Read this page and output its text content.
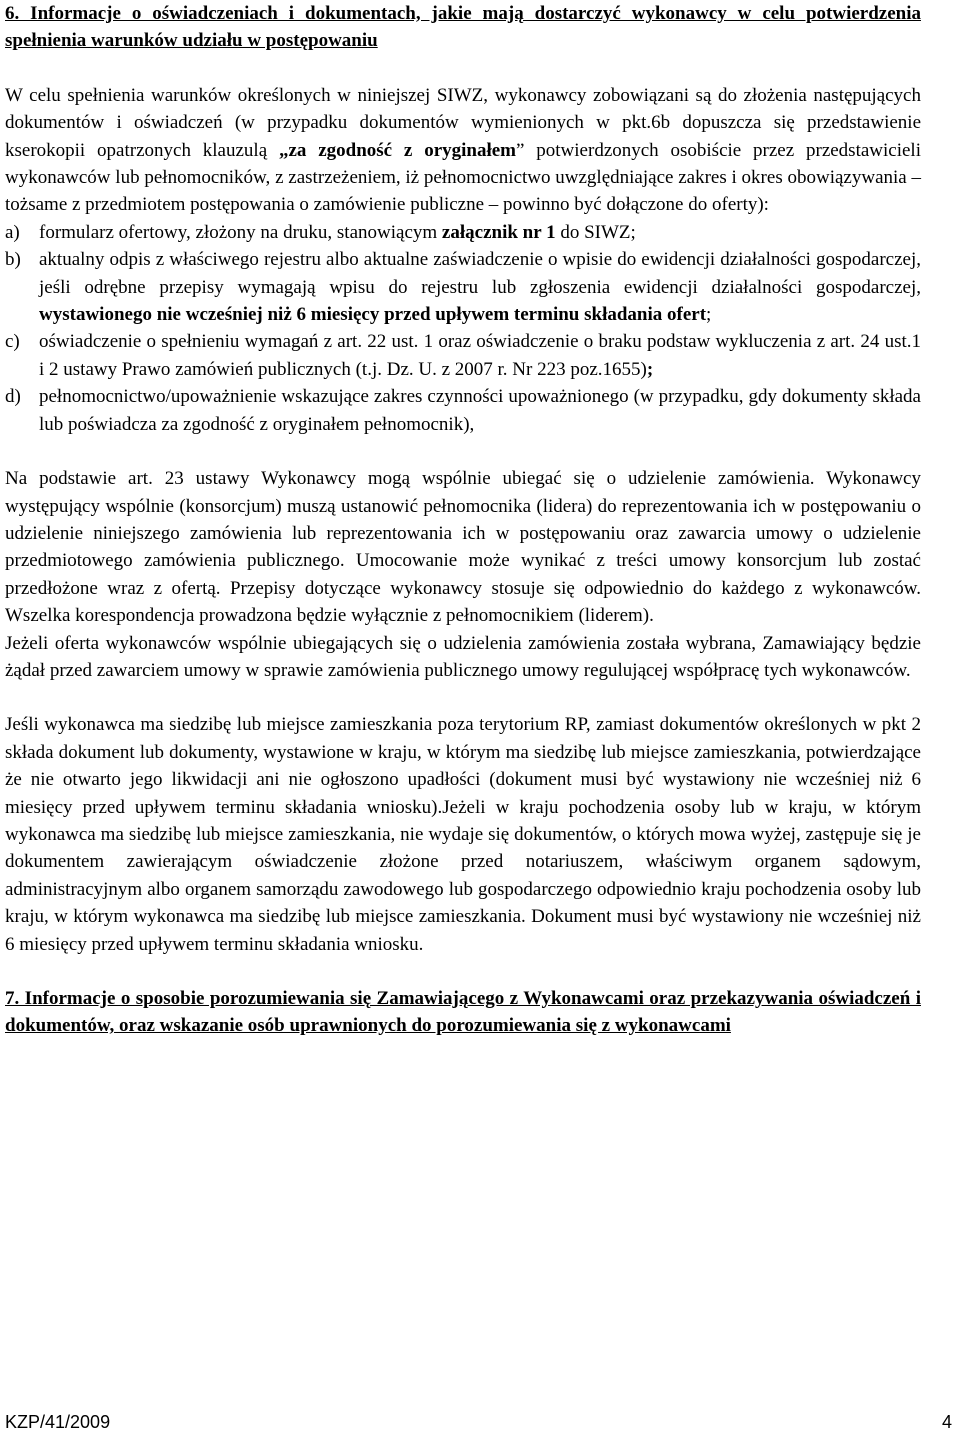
6. Informacje o oświadczeniach i dokumentach, jakie mają dostarczyć wykonawcy w celu potwierdzenia spełnienia warunków udziału w postępowaniu

W celu spełnienia warunków określonych w niniejszej SIWZ, wykonawcy zobowiązani są do złożenia następujących dokumentów i oświadczeń (w przypadku dokumentów wymienionych w pkt.6b dopuszcza się przedstawienie kserokopii opatrzonych klauzulą „za zgodność z oryginałem” potwierdzonych osobiście przez przedstawicieli wykonawców lub pełnomocników, z zastrzeżeniem, iż pełnomocnictwo uwzględniające zakres i okres obowiązywania – tożsame z przedmiotem postępowania o zamówienie publiczne – powinno być dołączone do oferty):

a)	formularz ofertowy, złożony na druku, stanowiącym załącznik nr 1 do SIWZ;
b) aktualny odpis z właściwego rejestru albo aktualne zaświadczenie o wpisie do ewidencji działalności gospodarczej, jeśli odrębne przepisy wymagają wpisu do rejestru lub zgłoszenia ewidencji działalności gospodarczej, wystawionego nie wcześniej niż 6 miesięcy przed upływem terminu składania ofert;
c)	oświadczenie o spełnieniu wymagań z art. 22 ust. 1 oraz oświadczenie o braku podstaw wykluczenia z art. 24 ust.1 i 2 ustawy Prawo zamówień publicznych (t.j. Dz. U. z 2007 r. Nr 223 poz.1655);
d) pełnomocnictwo/upoważnienie wskazujące zakres czynności upoważnionego (w przypadku, gdy dokumenty składa lub poświadcza za zgodność z oryginałem pełnomocnik),

Na podstawie art. 23 ustawy Wykonawcy mogą wspólnie ubiegać się o udzielenie zamówienia. Wykonawcy występujący wspólnie (konsorcjum) muszą ustanowić pełnomocnika (lidera) do reprezentowania ich w postępowaniu o udzielenie niniejszego zamówienia lub reprezentowania ich w postępowaniu oraz zawarcia umowy o udzielenie przedmiotowego zamówienia publicznego. Umocowanie może wynikać z treści umowy konsorcjum lub zostać przedłożone wraz z ofertą. Przepisy dotyczące wykonawcy stosuje się odpowiednio do każdego z wykonawców. Wszelka korespondencja prowadzona będzie wyłącznie z pełnomocnikiem (liderem).

Jeżeli oferta wykonawców wspólnie ubiegających się o udzielenia zamówienia została wybrana, Zamawiający będzie żądał przed zawarciem umowy w sprawie zamówienia publicznego umowy regulującej współpracę tych wykonawców.

Jeśli wykonawca ma siedzibę lub miejsce zamieszkania poza terytorium RP, zamiast dokumentów określonych w pkt 2 składa dokument lub dokumenty, wystawione w kraju, w którym ma siedzibę lub miejsce zamieszkania, potwierdzające że nie otwarto jego likwidacji ani nie ogłoszono upadłości (dokument musi być wystawiony nie wcześniej niż 6 miesięcy przed upływem terminu składania wniosku).Jeżeli w kraju pochodzenia osoby lub w kraju, w którym wykonawca ma siedzibę lub miejsce zamieszkania, nie wydaje się dokumentów, o których mowa wyżej, zastępuje się je dokumentem zawierającym oświadczenie złożone przed notariuszem, właściwym organem sądowym, administracyjnym albo organem samorządu zawodowego lub gospodarczego odpowiednio kraju pochodzenia osoby lub kraju, w którym wykonawca ma siedzibę lub miejsce zamieszkania. Dokument musi być wystawiony nie wcześniej niż 6 miesięcy przed upływem terminu składania wniosku.

7. Informacje o sposobie porozumiewania się Zamawiającego z Wykonawcami oraz przekazywania oświadczeń i dokumentów, oraz wskazanie osób uprawnionych do porozumiewania się z wykonawcami

KZP/41/2009	4
